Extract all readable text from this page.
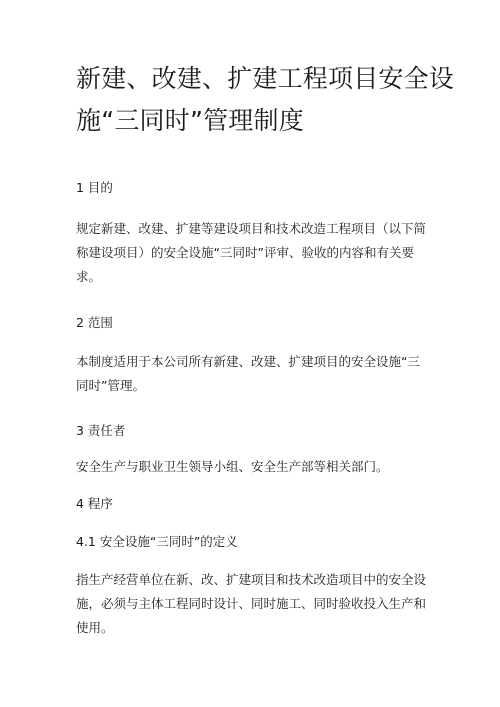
新建、改建、扩建工程项目安全设
施“三同时”管理制度

1 目的

规定新建、改建、扩建等建设项目和技术改造工程项目（以下简
称建设项目）的安全设施“三同时”评审、验收的内容和有关要
求。

2 范围

本制度适用于本公司所有新建、改建、扩建项目的安全设施“三
同时”管理。

3 责任者

安全生产与职业卫生领导小组、安全生产部等相关部门。

4 程序

4.1 安全设施“三同时”的定义

指生产经营单位在新、改、扩建项目和技术改造项目中的安全设
施，必须与主体工程同时设计、同时施工、同时验收投入生产和
使用。
